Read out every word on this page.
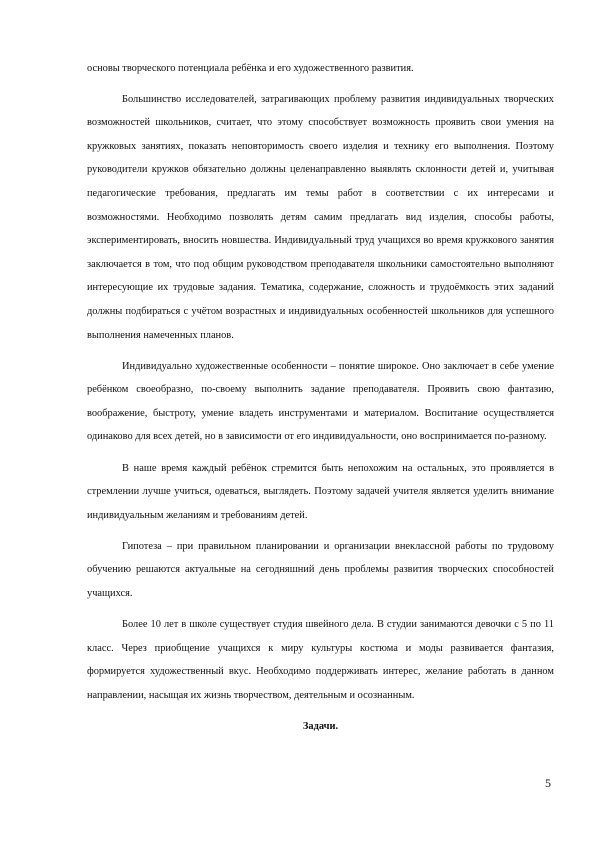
основы творческого потенциала ребёнка и его художественного развития.

Большинство исследователей, затрагивающих проблему развития индивидуальных творческих возможностей школьников, считает, что этому способствует возможность проявить свои умения на кружковых занятиях, показать неповторимость своего изделия и технику его выполнения. Поэтому руководители кружков обязательно должны целенаправленно выявлять склонности детей и, учитывая педагогические требования, предлагать им темы работ в соответствии с их интересами и возможностями. Необходимо позволять детям самим предлагать вид изделия, способы работы, экспериментировать, вносить новшества. Индивидуальный труд учащихся во время кружкового занятия заключается в том, что под общим руководством преподавателя школьники самостоятельно выполняют интересующие их трудовые задания. Тематика, содержание, сложность и трудоёмкость этих заданий должны подбираться с учётом возрастных и индивидуальных особенностей школьников для успешного выполнения намеченных планов.

Индивидуально художественные особенности – понятие широкое. Оно заключает в себе умение ребёнком своеобразно, по-своему выполнить задание преподавателя. Проявить свою фантазию, воображение, быстроту, умение владеть инструментами и материалом. Воспитание осуществляется одинаково для всех детей, но в зависимости от его индивидуальности, оно воспринимается по-разному.

В наше время каждый ребёнок стремится быть непохожим на остальных, это проявляется в стремлении лучше учиться, одеваться, выглядеть. Поэтому задачей учителя является уделить внимание индивидуальным желаниям и требованиям детей.

Гипотеза – при правильном планировании и организации внеклассной работы по трудовому обучению решаются актуальные на сегодняшний день проблемы развития творческих способностей учащихся.

Более 10 лет в школе существует студия швейного дела. В студии занимаются девочки с 5 по 11 класс. Через приобщение учащихся к миру культуры костюма и моды развивается фантазия, формируется художественный вкус. Необходимо поддерживать интерес, желание работать в данном направлении, насыщая их жизнь творчеством, деятельным и осознанным.

Задачи.
5
